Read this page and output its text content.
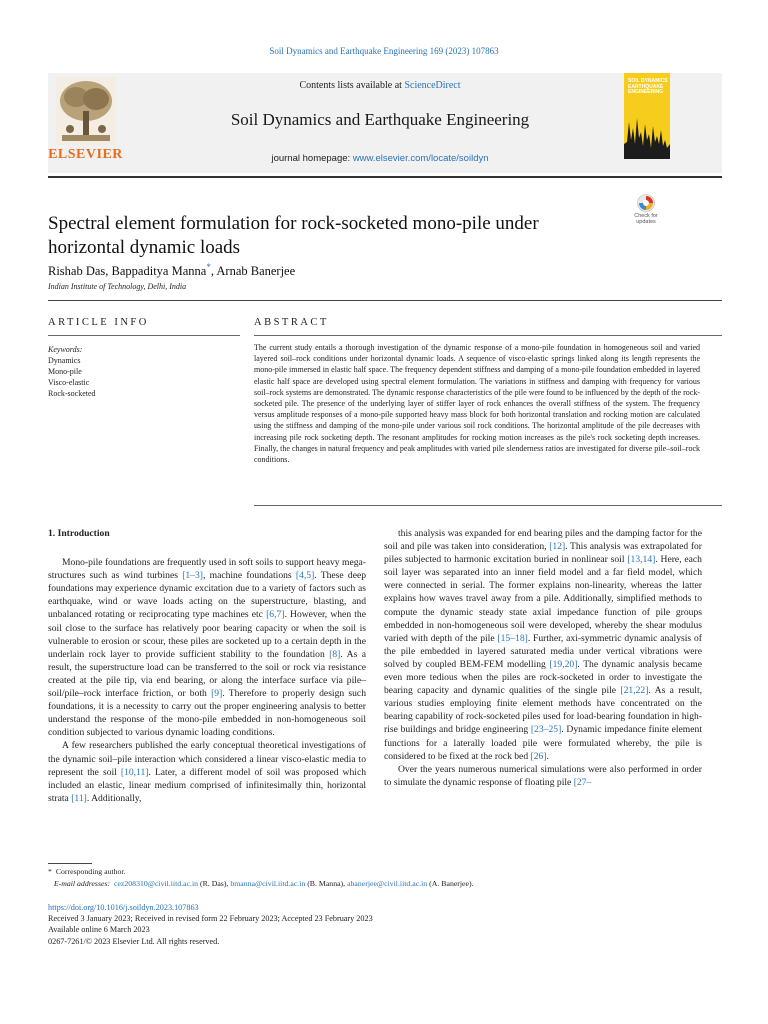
Soil Dynamics and Earthquake Engineering 169 (2023) 107863
ELSEVIER
Contents lists available at ScienceDirect
Soil Dynamics and Earthquake Engineering
journal homepage: www.elsevier.com/locate/soildyn
SOIL DYNAMICS EARTHQUAKE ENGINEERING
Spectral element formulation for rock-socketed mono-pile under horizontal dynamic loads
Check for updates
Rishab Das, Bappaditya Manna*, Arnab Banerjee
Indian Institute of Technology, Delhi, India
ARTICLE INFO	ABSTRACT
Keywords:
Dynamics
Mono-pile
Visco-elastic
Rock-socketed
The current study entails a thorough investigation of the dynamic response of a mono-pile foundation in homogeneous soil and varied layered soil–rock conditions under horizontal dynamic loads. A sequence of visco-elastic springs linked along its length represents the mono-pile immersed in elastic half space. The frequency dependent stiffness and damping of a mono-pile foundation embedded in layered elastic half space are developed using spectral element formulation. The variations in stiffness and damping with frequency for various soil–rock systems are demonstrated. The dynamic response characteristics of the pile were found to be influenced by the depth of the rock-socketed pile. The presence of the underlying layer of stiffer layer of rock enhances the overall stiffness of the system. The frequency versus amplitude responses of a mono-pile supported heavy mass block for both horizontal translation and rocking motion are calculated using the stiffness and damping of the mono-pile under various soil rock conditions. The horizontal amplitude of the pile decreases with increasing pile rock socketing depth. The resonant amplitudes for rocking motion increases as the pile's rock socketing depth increases. Finally, the changes in natural frequency and peak amplitudes with varied pile slenderness ratios are investigated for diverse pile–soil–rock conditions.

1. Introduction

Mono-pile foundations are frequently used in soft soils to support heavy mega-structures such as wind turbines [1–3], machine foundations [4,5]. These deep foundations may experience dynamic excitation due to a variety of factors such as earthquake, wind or wave loads acting on the superstructure, blasting, and unbalanced rotating or reciprocating type machines etc [6,7]. However, when the soil close to the surface has relatively poor bearing capacity or when the soil is vulnerable to erosion or scour, these piles are socketed up to a certain depth in the underlain rock layer to provide sufficient stability to the foundation [8]. As a result, the superstructure load can be transferred to the soil or rock via resistance created at the pile tip, via end bearing, or along the interface surface via pile–soil/pile–rock interface friction, or both [9]. Therefore to properly design such foundations, it is a necessity to carry out the proper engineering analysis to better understand the response of the mono-pile embedded in non-homogeneous soil condition subjected to various dynamic loading conditions.

A few researchers published the early conceptual theoretical investigations of the dynamic soil–pile interaction which considered a linear visco-elastic media to represent the soil [10,11]. Later, a different model of soil was proposed which included an elastic, linear medium comprised of infinitesimally thin, horizontal strata [11]. Additionally,

this analysis was expanded for end bearing piles and the damping factor for the soil and pile was taken into consideration, [12]. This analysis was extrapolated for piles subjected to harmonic excitation buried in nonlinear soil [13,14]. Here, each soil layer was separated into an inner field model and a far field model, which were connected in serial. The former explains non-linearity, whereas the latter explains how waves travel away from a pile. Additionally, simplified methods to compute the dynamic steady state axial impedance function of pile groups embedded in non-homogeneous soil were developed, whereby the shear modulus varied with depth of the pile [15–18]. Further, axi-symmetric dynamic analysis of the pile embedded in layered saturated media under vertical vibrations were solved by coupled BEM-FEM modelling [19,20]. The dynamic analysis became even more tedious when the piles are rock-socketed in order to investigate the bearing capacity and dynamic qualities of the single pile [21,22]. As a result, various studies employing finite element methods have concentrated on the bearing capability of rock-socketed piles used for load-bearing foundation in high-rise buildings and bridge engineering [23–25]. Dynamic impedance finite element functions for a laterally loaded pile were formulated whereby, the pile is considered to be fixed at the rock bed [26].

Over the years numerous numerical simulations were also performed in order to simulate the dynamic response of floating pile [27–

* Corresponding author.
E-mail addresses: cez208310@civil.iitd.ac.in (R. Das), bmanna@civil.iitd.ac.in (B. Manna), abanerjee@civil.iitd.ac.in (A. Banerjee).
https://doi.org/10.1016/j.soildyn.2023.107863
Received 3 January 2023; Received in revised form 22 February 2023; Accepted 23 February 2023
Available online 6 March 2023
0267-7261/© 2023 Elsevier Ltd. All rights reserved.
